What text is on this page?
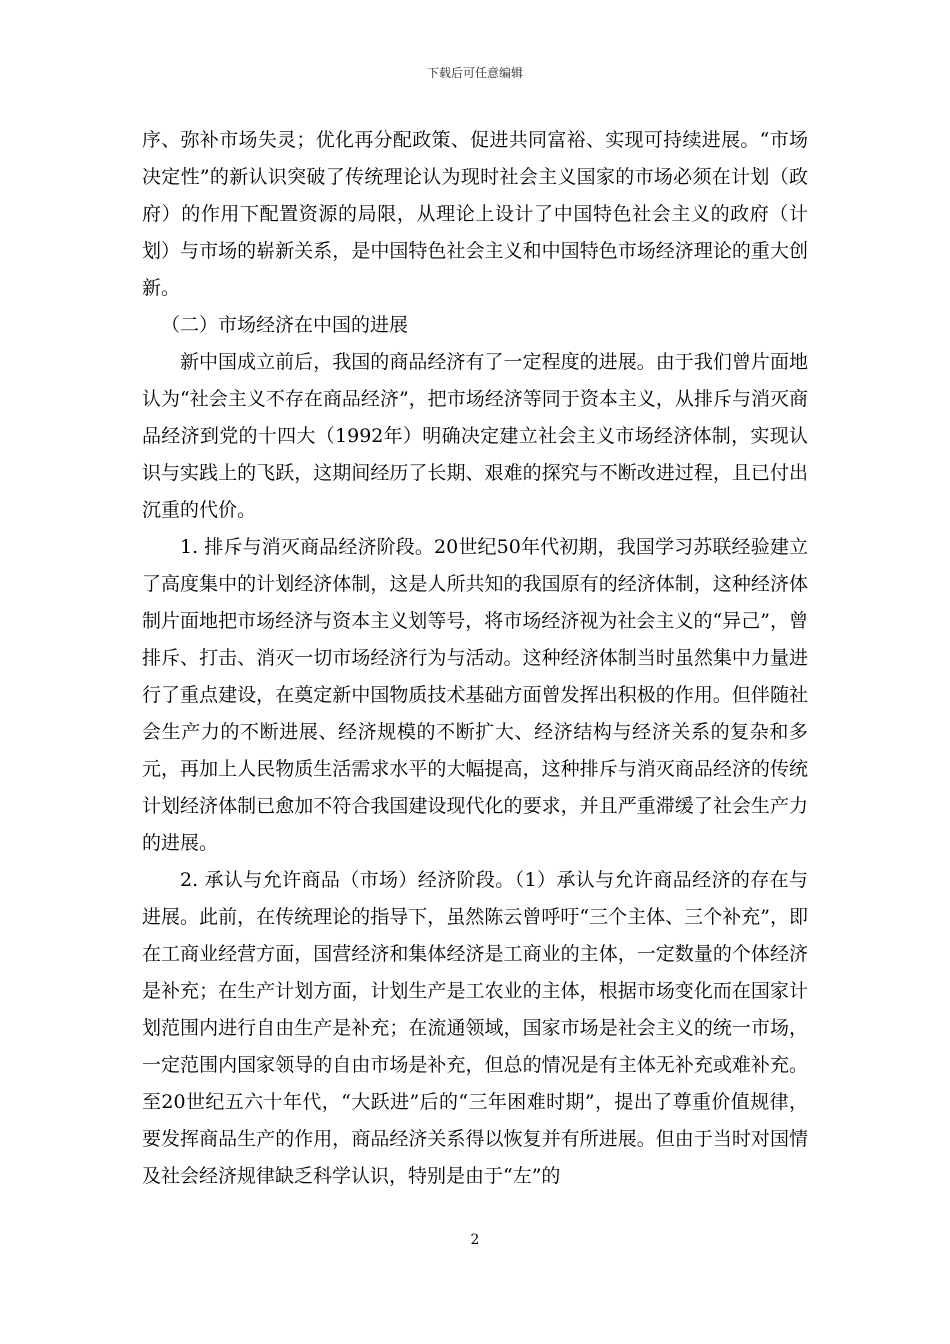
下载后可任意编辑

序、弥补市场失灵；优化再分配政策、促进共同富裕、实现可持续进展。“市场决定性”的新认识突破了传统理论认为现时社会主义国家的市场必须在计划（政府）的作用下配置资源的局限，从理论上设计了中国特色社会主义的政府（计划）与市场的崭新关系，是中国特色社会主义和中国特色市场经济理论的重大创新。

（二）市场经济在中国的进展

新中国成立前后，我国的商品经济有了一定程度的进展。由于我们曾片面地认为“社会主义不存在商品经济”，把市场经济等同于资本主义，从排斥与消灭商品经济到党的十四大（1992年）明确决定建立社会主义市场经济体制，实现认识与实践上的飞跃，这期间经历了长期、艰难的探究与不断改进过程，且已付出沉重的代价。

1. 排斥与消灭商品经济阶段。20世纪50年代初期，我国学习苏联经验建立了高度集中的计划经济体制，这是人所共知的我国原有的经济体制，这种经济体制片面地把市场经济与资本主义划等号，将市场经济视为社会主义的“异己”，曾排斥、打击、消灭一切市场经济行为与活动。这种经济体制当时虽然集中力量进行了重点建设，在奠定新中国物质技术基础方面曾发挥出积极的作用。但伴随社会生产力的不断进展、经济规模的不断扩大、经济结构与经济关系的复杂和多元，再加上人民物质生活需求水平的大幅提高，这种排斥与消灭商品经济的传统计划经济体制已愈加不符合我国建设现代化的要求，并且严重滞缓了社会生产力的进展。

2. 承认与允许商品（市场）经济阶段。（1）承认与允许商品经济的存在与进展。此前，在传统理论的指导下，虽然陈云曾呼吁“三个主体、三个补充”，即在工商业经营方面，国营经济和集体经济是工商业的主体，一定数量的个体经济是补充；在生产计划方面，计划生产是工农业的主体，根据市场变化而在国家计划范围内进行自由生产是补充；在流通领域，国家市场是社会主义的统一市场，一定范围内国家领导的自由市场是补充，但总的情况是有主体无补充或难补充。至20世纪五六十年代，“大跃进”后的“三年困难时期”，提出了尊重价值规律，要发挥商品生产的作用，商品经济关系得以恢复并有所进展。但由于当时对国情及社会经济规律缺乏科学认识，特别是由于“左”的

2
